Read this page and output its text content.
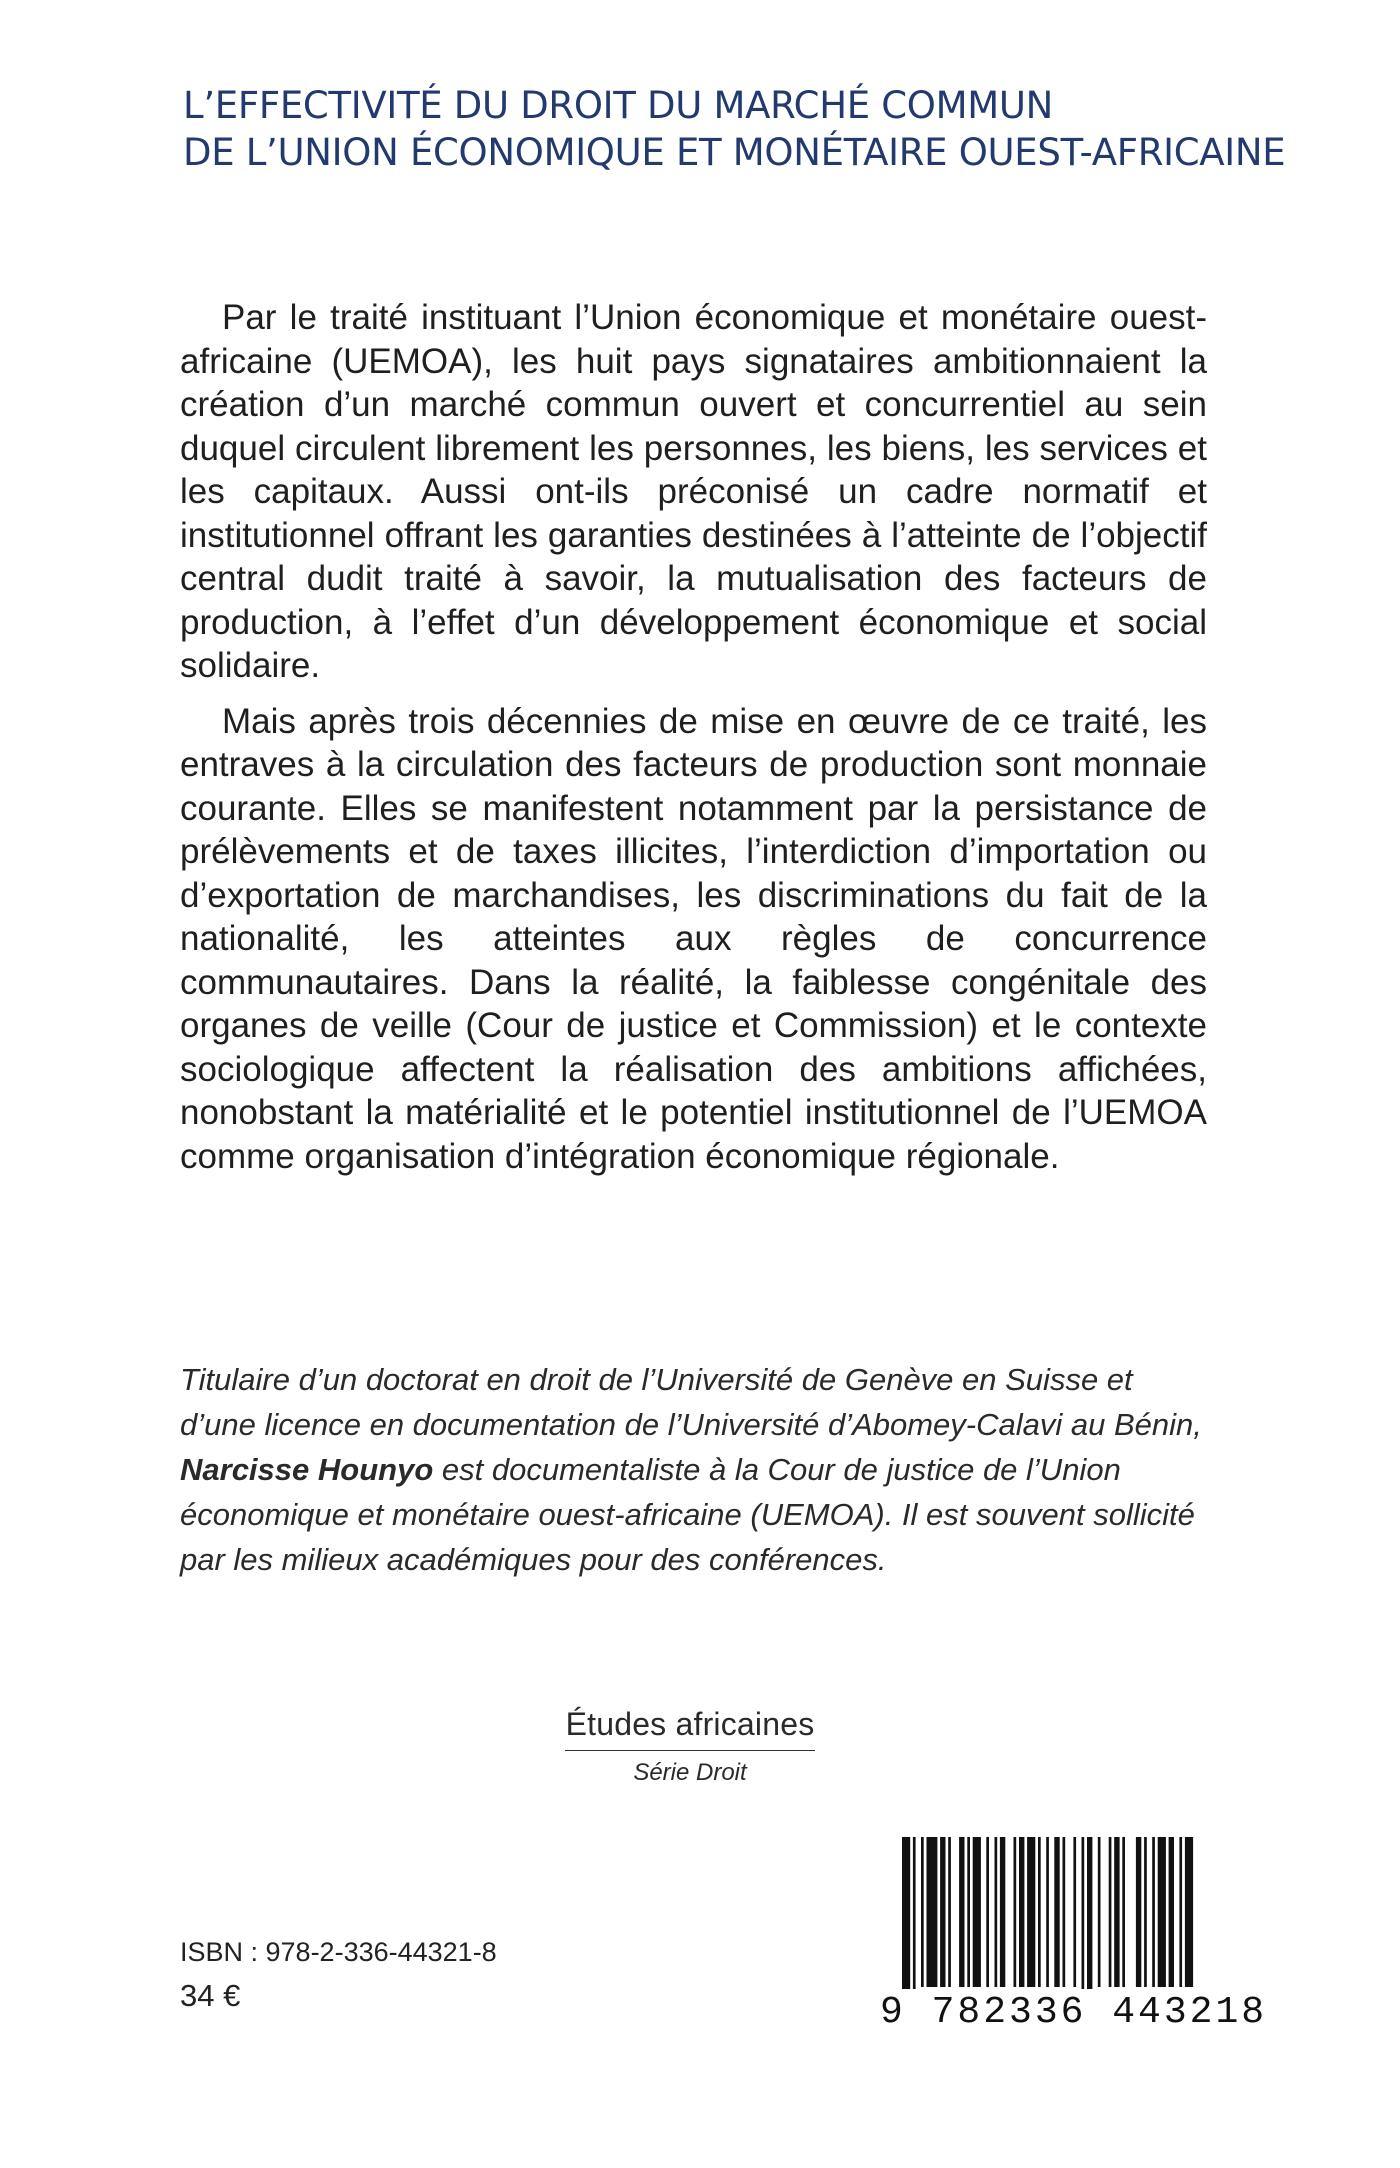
L’EFFECTIVITÉ DU DROIT DU MARCHÉ COMMUN
DE L’UNION ÉCONOMIQUE ET MONÉTAIRE OUEST-AFRICAINE

Par le traité instituant l’Union économique et monétaire ouest-africaine (UEMOA), les huit pays signataires ambitionnaient la création d’un marché commun ouvert et concurrentiel au sein duquel circulent librement les personnes, les biens, les services et les capitaux. Aussi ont-ils préconisé un cadre normatif et institutionnel offrant les garanties destinées à l’atteinte de l’objectif central dudit traité à savoir, la mutualisation des facteurs de production, à l’effet d’un développement économique et social solidaire.

Mais après trois décennies de mise en œuvre de ce traité, les entraves à la circulation des facteurs de production sont monnaie courante. Elles se manifestent notamment par la persistance de prélèvements et de taxes illicites, l’interdiction d’importation ou d’exportation de marchandises, les discriminations du fait de la nationalité, les atteintes aux règles de concurrence communautaires. Dans la réalité, la faiblesse congénitale des organes de veille (Cour de justice et Commission) et le contexte sociologique affectent la réalisation des ambitions affichées, nonobstant la matérialité et le potentiel institutionnel de l’UEMOA comme organisation d’intégration économique régionale.

Titulaire d’un doctorat en droit de l’Université de Genève en Suisse et d’une licence en documentation de l’Université d’Abomey-Calavi au Bénin, Narcisse Hounyo est documentaliste à la Cour de justice de l’Union économique et monétaire ouest-africaine (UEMOA). Il est souvent sollicité par les milieux académiques pour des conférences.

Études africaines
Série Droit
ISBN : 978-2-336-44321-8
34 €	9 782336 443218
